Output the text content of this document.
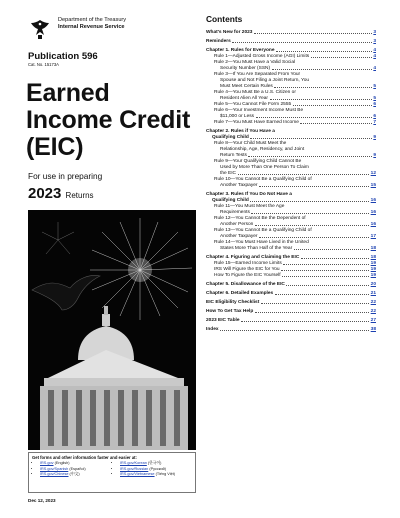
Department of the Treasury
Internal Revenue Service
Publication 596
Cat. No. 15173A
Earned
Income Credit
(EIC)
For use in preparing
2023 Returns
Get forms and other information faster and easier at:
• IRS.gov (English)
• IRS.gov/Spanish (Español)
• IRS.gov/Chinese (中文)
• IRS.gov/Korean (한국어)
• IRS.gov/Russian (Русский)
• IRS.gov/Vietnamese (Tiếng Việt)
Dec 12, 2023
Contents
What's New for 2023	3
Reminders	3
Chapter 1. Rules for Everyone	4
Rule 1—Adjusted Gross Income (AGI) Limits	4
Rule 2—You Must Have a Valid Social
Security Number (SSN)	4
Rule 3—If You Are Separated From Your
Spouse and Not Filing a Joint Return, You
Must Meet Certain Rules	5
Rule 4—You Must Be a U.S. Citizen or
Resident Alien All Year	5
Rule 5—You Cannot File Form 2555	6
Rule 6—Your Investment Income Must Be
$11,000 or Less	6
Rule 7—You Must Have Earned Income	7
Chapter 2. Rules if You Have a
Qualifying Child	9
Rule 8—Your Child Must Meet the
Relationship, Age, Residency, and Joint
Return Tests	9
Rule 9—Your Qualifying Child Cannot Be
Used by More Than One Person To Claim
the EIC	12
Rule 10—You Cannot Be a Qualifying Child of
Another Taxpayer	15
Chapter 3. Rules If You Do Not Have a
Qualifying Child	16
Rule 11—You Must Meet the Age
Requirements	16
Rule 12—You Cannot Be the Dependent of
Another Person	16
Rule 13—You Cannot Be a Qualifying Child of
Another Taxpayer	17
Rule 14—You Must Have Lived in the United
States More Than Half of the Year	18
Chapter 4. Figuring and Claiming the EIC	18
Rule 15—Earned Income Limits	19
IRS Will Figure the EIC for You	19
How To Figure the EIC Yourself	19
Chapter 5. Disallowance of the EIC	20
Chapter 6. Detailed Examples	21
EIC Eligibility Checklist	22
How To Get Tax Help	22
2023 EIC Table	27
Index	38
